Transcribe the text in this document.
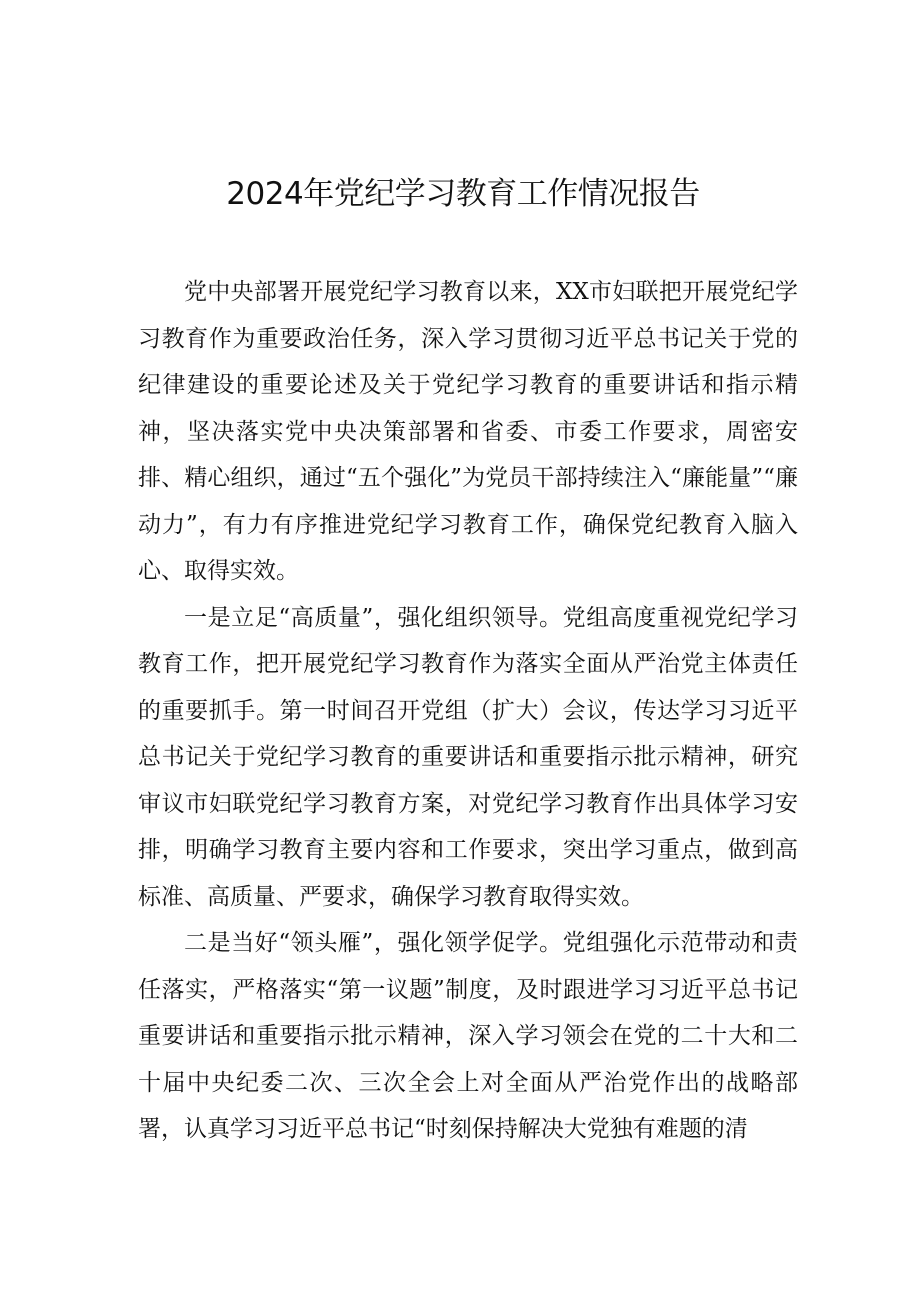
2024年党纪学习教育工作情况报告

党中央部署开展党纪学习教育以来，XX市妇联把开展党纪学习教育作为重要政治任务，深入学习贯彻习近平总书记关于党的纪律建设的重要论述及关于党纪学习教育的重要讲话和指示精神，坚决落实党中央决策部署和省委、市委工作要求，周密安排、精心组织，通过“五个强化”为党员干部持续注入“廉能量”“廉动力”，有力有序推进党纪学习教育工作，确保党纪教育入脑入心、取得实效。

一是立足“高质量”，强化组织领导。党组高度重视党纪学习教育工作，把开展党纪学习教育作为落实全面从严治党主体责任的重要抓手。第一时间召开党组（扩大）会议，传达学习习近平总书记关于党纪学习教育的重要讲话和重要指示批示精神，研究审议市妇联党纪学习教育方案，对党纪学习教育作出具体学习安排，明确学习教育主要内容和工作要求，突出学习重点，做到高标准、高质量、严要求，确保学习教育取得实效。

二是当好“领头雁”，强化领学促学。党组强化示范带动和责任落实，严格落实“第一议题”制度，及时跟进学习习近平总书记重要讲话和重要指示批示精神，深入学习领会在党的二十大和二十届中央纪委二次、三次全会上对全面从严治党作出的战略部署，认真学习习近平总书记“时刻保持解决大党独有难题的清
